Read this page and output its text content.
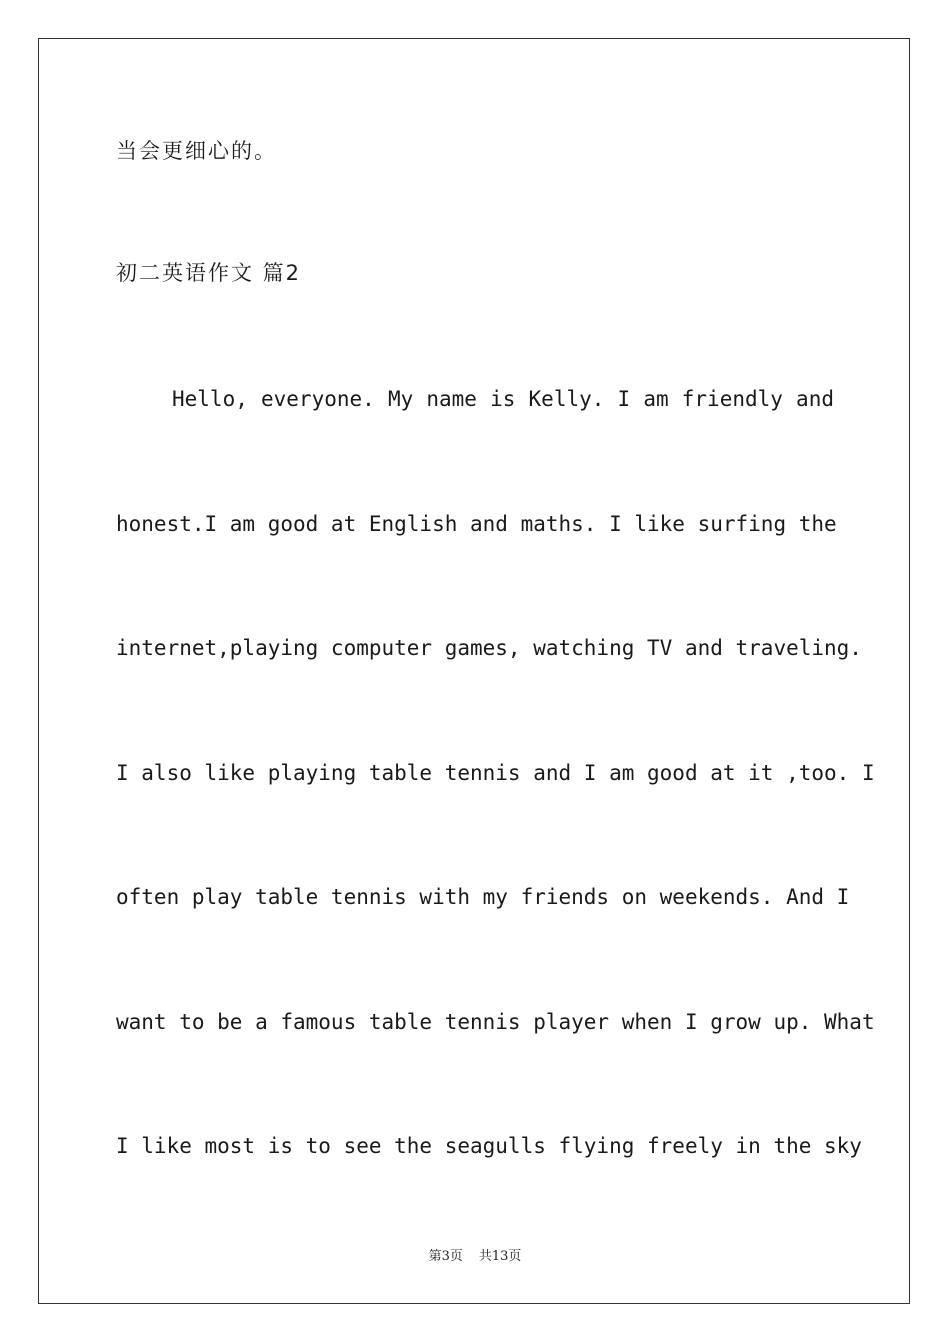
当会更细心的。
初二英语作文 篇2
Hello, everyone. My name is Kelly. I am friendly and
honest.I am good at English and maths. I like surfing the
internet,playing computer games, watching TV and traveling.
I also like playing table tennis and I am good at it ,too. I
often play table tennis with my friends on weekends. And I
want to be a famous table tennis player when I grow up. What
I like most is to see the seagulls flying freely in the sky
第3页 共13页
